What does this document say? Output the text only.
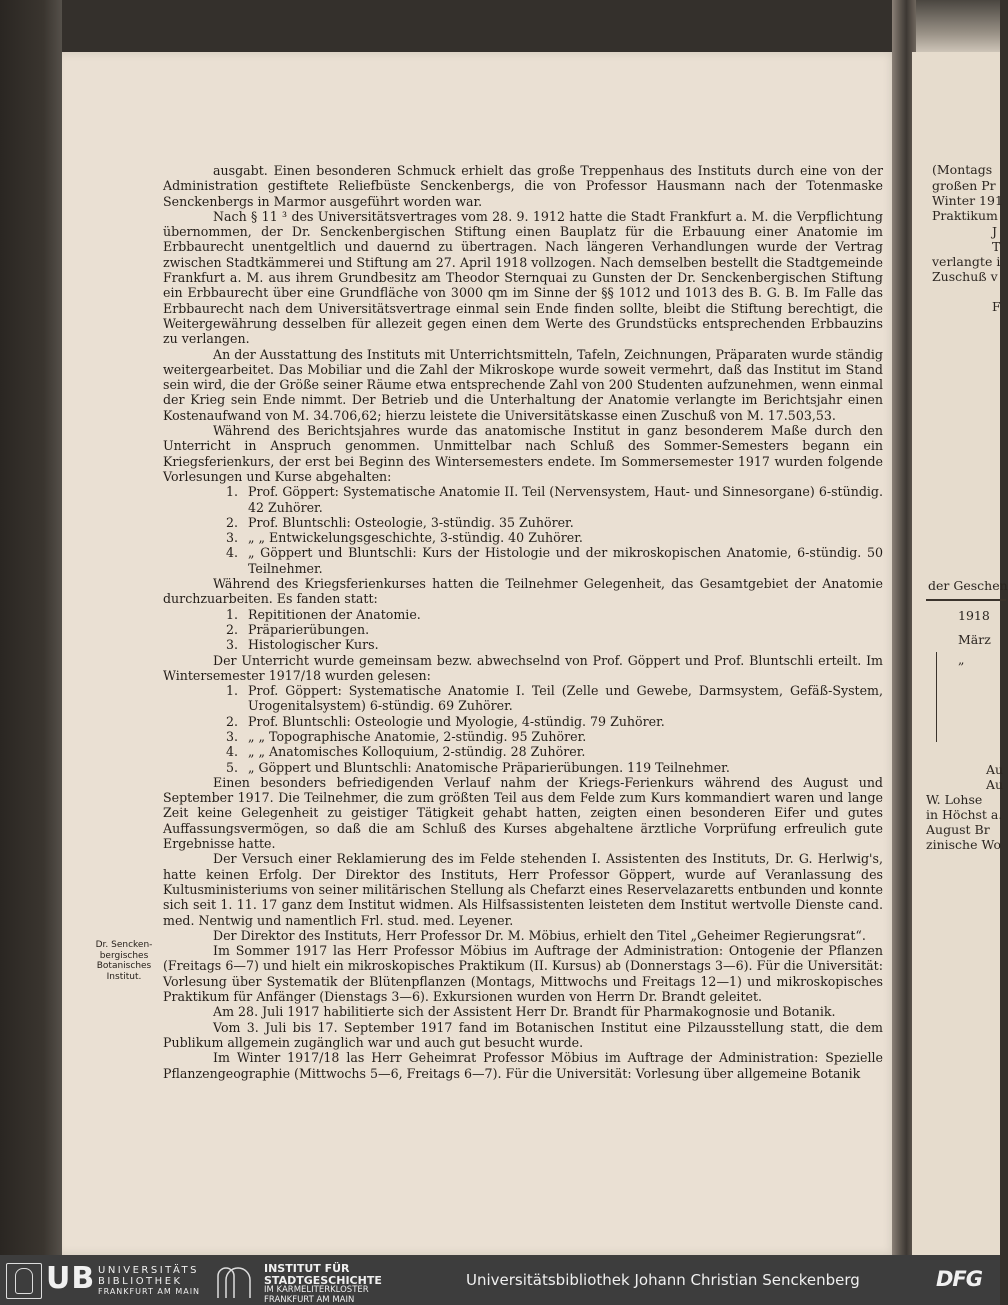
ausgabt. Einen besonderen Schmuck erhielt das große Treppenhaus des Instituts durch eine von der Administration gestiftete Reliefbüste Senckenbergs, die von Professor Hausmann nach der Totenmaske Senckenbergs in Marmor ausgeführt worden war.

Nach § 11 ³ des Universitätsvertrages vom 28. 9. 1912 hatte die Stadt Frankfurt a. M. die Verpflichtung übernommen, der Dr. Senckenbergischen Stiftung einen Bauplatz für die Erbauung einer Anatomie im Erbbaurecht unentgeltlich und dauernd zu übertragen. Nach längeren Verhandlungen wurde der Vertrag zwischen Stadtkämmerei und Stiftung am 27. April 1918 vollzogen. Nach demselben bestellt die Stadtgemeinde Frankfurt a. M. aus ihrem Grundbesitz am Theodor Sternquai zu Gunsten der Dr. Senckenbergischen Stiftung ein Erbbaurecht über eine Grundfläche von 3000 qm im Sinne der §§ 1012 und 1013 des B. G. B. Im Falle das Erbbaurecht nach dem Universitätsvertrage einmal sein Ende finden sollte, bleibt die Stiftung berechtigt, die Weitergewährung desselben für allezeit gegen einen dem Werte des Grundstücks entsprechenden Erbbauzins zu verlangen.

An der Ausstattung des Instituts mit Unterrichtsmitteln, Tafeln, Zeichnungen, Präparaten wurde ständig weitergearbeitet. Das Mobiliar und die Zahl der Mikroskope wurde soweit vermehrt, daß das Institut im Stand sein wird, die der Größe seiner Räume etwa entsprechende Zahl von 200 Studenten aufzunehmen, wenn einmal der Krieg sein Ende nimmt. Der Betrieb und die Unterhaltung der Anatomie verlangte im Berichtsjahr einen Kostenaufwand von M. 34.706,62; hierzu leistete die Universitätskasse einen Zuschuß von M. 17.503,53.

Während des Berichtsjahres wurde das anatomische Institut in ganz besonderem Maße durch den Unterricht in Anspruch genommen. Unmittelbar nach Schluß des Sommer-Semesters begann ein Kriegsferienkurs, der erst bei Beginn des Wintersemesters endete. Im Sommersemester 1917 wurden folgende Vorlesungen und Kurse abgehalten:

1. Prof. Göppert: Systematische Anatomie II. Teil (Nervensystem, Haut- und Sinnesorgane) 6-stündig. 42 Zuhörer.

2. Prof. Bluntschli: Osteologie, 3-stündig. 35 Zuhörer.

3. „ „ Entwickelungsgeschichte, 3-stündig. 40 Zuhörer.

4. „ Göppert und Bluntschli: Kurs der Histologie und der mikroskopischen Anatomie, 6-stündig. 50 Teilnehmer.

Während des Kriegsferienkurses hatten die Teilnehmer Gelegenheit, das Gesamtgebiet der Anatomie durchzuarbeiten. Es fanden statt:

1. Repititionen der Anatomie.

2. Präparierübungen.

3. Histologischer Kurs.

Der Unterricht wurde gemeinsam bezw. abwechselnd von Prof. Göppert und Prof. Bluntschli erteilt. Im Wintersemester 1917/18 wurden gelesen:

1. Prof. Göppert: Systematische Anatomie I. Teil (Zelle und Gewebe, Darmsystem, Gefäß-System, Urogenitalsystem) 6-stündig. 69 Zuhörer.

2. Prof. Bluntschli: Osteologie und Myologie, 4-stündig. 79 Zuhörer.

3. „ „ Topographische Anatomie, 2-stündig. 95 Zuhörer.

4. „ „ Anatomisches Kolloquium, 2-stündig. 28 Zuhörer.

5. „ Göppert und Bluntschli: Anatomische Präparierübungen. 119 Teilnehmer.

Einen besonders befriedigenden Verlauf nahm der Kriegs-Ferienkurs während des August und September 1917. Die Teilnehmer, die zum größten Teil aus dem Felde zum Kurs kommandiert waren und lange Zeit keine Gelegenheit zu geistiger Tätigkeit gehabt hatten, zeigten einen besonderen Eifer und gutes Auffassungsvermögen, so daß die am Schluß des Kurses abgehaltene ärztliche Vorprüfung erfreulich gute Ergebnisse hatte.

Der Versuch einer Reklamierung des im Felde stehenden I. Assistenten des Instituts, Dr. G. Herlwig's, hatte keinen Erfolg. Der Direktor des Instituts, Herr Professor Göppert, wurde auf Veranlassung des Kultusministeriums von seiner militärischen Stellung als Chefarzt eines Reservelazaretts entbunden und konnte sich seit 1. 11. 17 ganz dem Institut widmen. Als Hilfsassistenten leisteten dem Institut wertvolle Dienste cand. med. Nentwig und namentlich Frl. stud. med. Leyener.

Der Direktor des Instituts, Herr Professor Dr. M. Möbius, erhielt den Titel „Geheimer Regierungsrat“.

Im Sommer 1917 las Herr Professor Möbius im Auftrage der Administration: Ontogenie der Pflanzen (Freitags 6—7) und hielt ein mikroskopisches Praktikum (II. Kursus) ab (Donnerstags 3—6). Für die Universität: Vorlesung über Systematik der Blütenpflanzen (Montags, Mittwochs und Freitags 12—1) und mikroskopisches Praktikum für Anfänger (Dienstags 3—6). Exkursionen wurden von Herrn Dr. Brandt geleitet.

Am 28. Juli 1917 habilitierte sich der Assistent Herr Dr. Brandt für Pharmakognosie und Botanik.

Vom 3. Juli bis 17. September 1917 fand im Botanischen Institut eine Pilzausstellung statt, die dem Publikum allgemein zugänglich war und auch gut besucht wurde.

Im Winter 1917/18 las Herr Geheimrat Professor Möbius im Auftrage der Administration: Spezielle Pflanzengeographie (Mittwochs 5—6, Freitags 6—7). Für die Universität: Vorlesung über allgemeine Botanik

Dr. Sencken-
bergisches
Botanisches
Institut.
(Montags
großen Pr
Winter 191
Praktikum
J
T
verlangte i
Zuschuß v
F
der Geschen
1918
März
„
Au
Au
W. Lohse
in Höchst a.
August Br
zinische Wo
UB UNIVERSITÄTS
BIBLIOTHEK
FRANKFURT AM MAIN
INSTITUT FÜR
STADTGESCHICHTE
IM KARMELITERKLOSTER
FRANKFURT AM MAIN
Universitätsbibliothek Johann Christian Senckenberg	DFG
